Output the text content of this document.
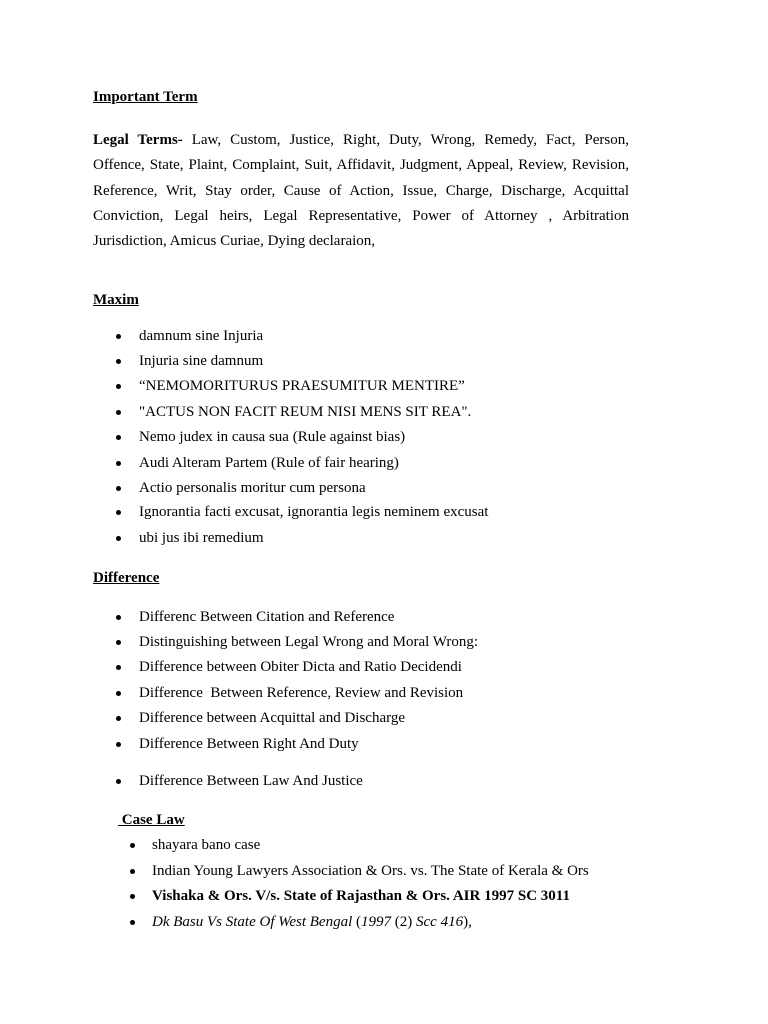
Important Term

Legal Terms- Law, Custom, Justice, Right, Duty, Wrong, Remedy, Fact, Person, Offence, State, Plaint, Complaint, Suit, Affidavit, Judgment, Appeal, Review, Revision, Reference, Writ, Stay order, Cause of Action, Issue, Charge, Discharge, Acquittal Conviction, Legal heirs, Legal Representative, Power of Attorney , Arbitration Jurisdiction, Amicus Curiae, Dying declaraion,

Maxim

damnum sine Injuria
Injuria sine damnum
“NEMOMORITURUS PRAESUMITUR MENTIRE”
"ACTUS NON FACIT REUM NISI MENS SIT REA".
Nemo judex in causa sua (Rule against bias)
Audi Alteram Partem (Rule of fair hearing)
Actio personalis moritur cum persona
Ignorantia facti excusat, ignorantia legis neminem excusat
ubi jus ibi remedium

Difference

Differenc Between Citation and Reference
Distinguishing between Legal Wrong and Moral Wrong:
Difference between Obiter Dicta and Ratio Decidendi
Difference  Between Reference, Review and Revision
Difference between Acquittal and Discharge
Difference Between Right And Duty
Difference Between Law And Justice
Case Law
shayara bano case
Indian Young Lawyers Association & Ors. vs. The State of Kerala & Ors
Vishaka & Ors. V/s. State of Rajasthan & Ors. AIR 1997 SC 3011
Dk Basu Vs State Of West Bengal (1997 (2) Scc 416),
